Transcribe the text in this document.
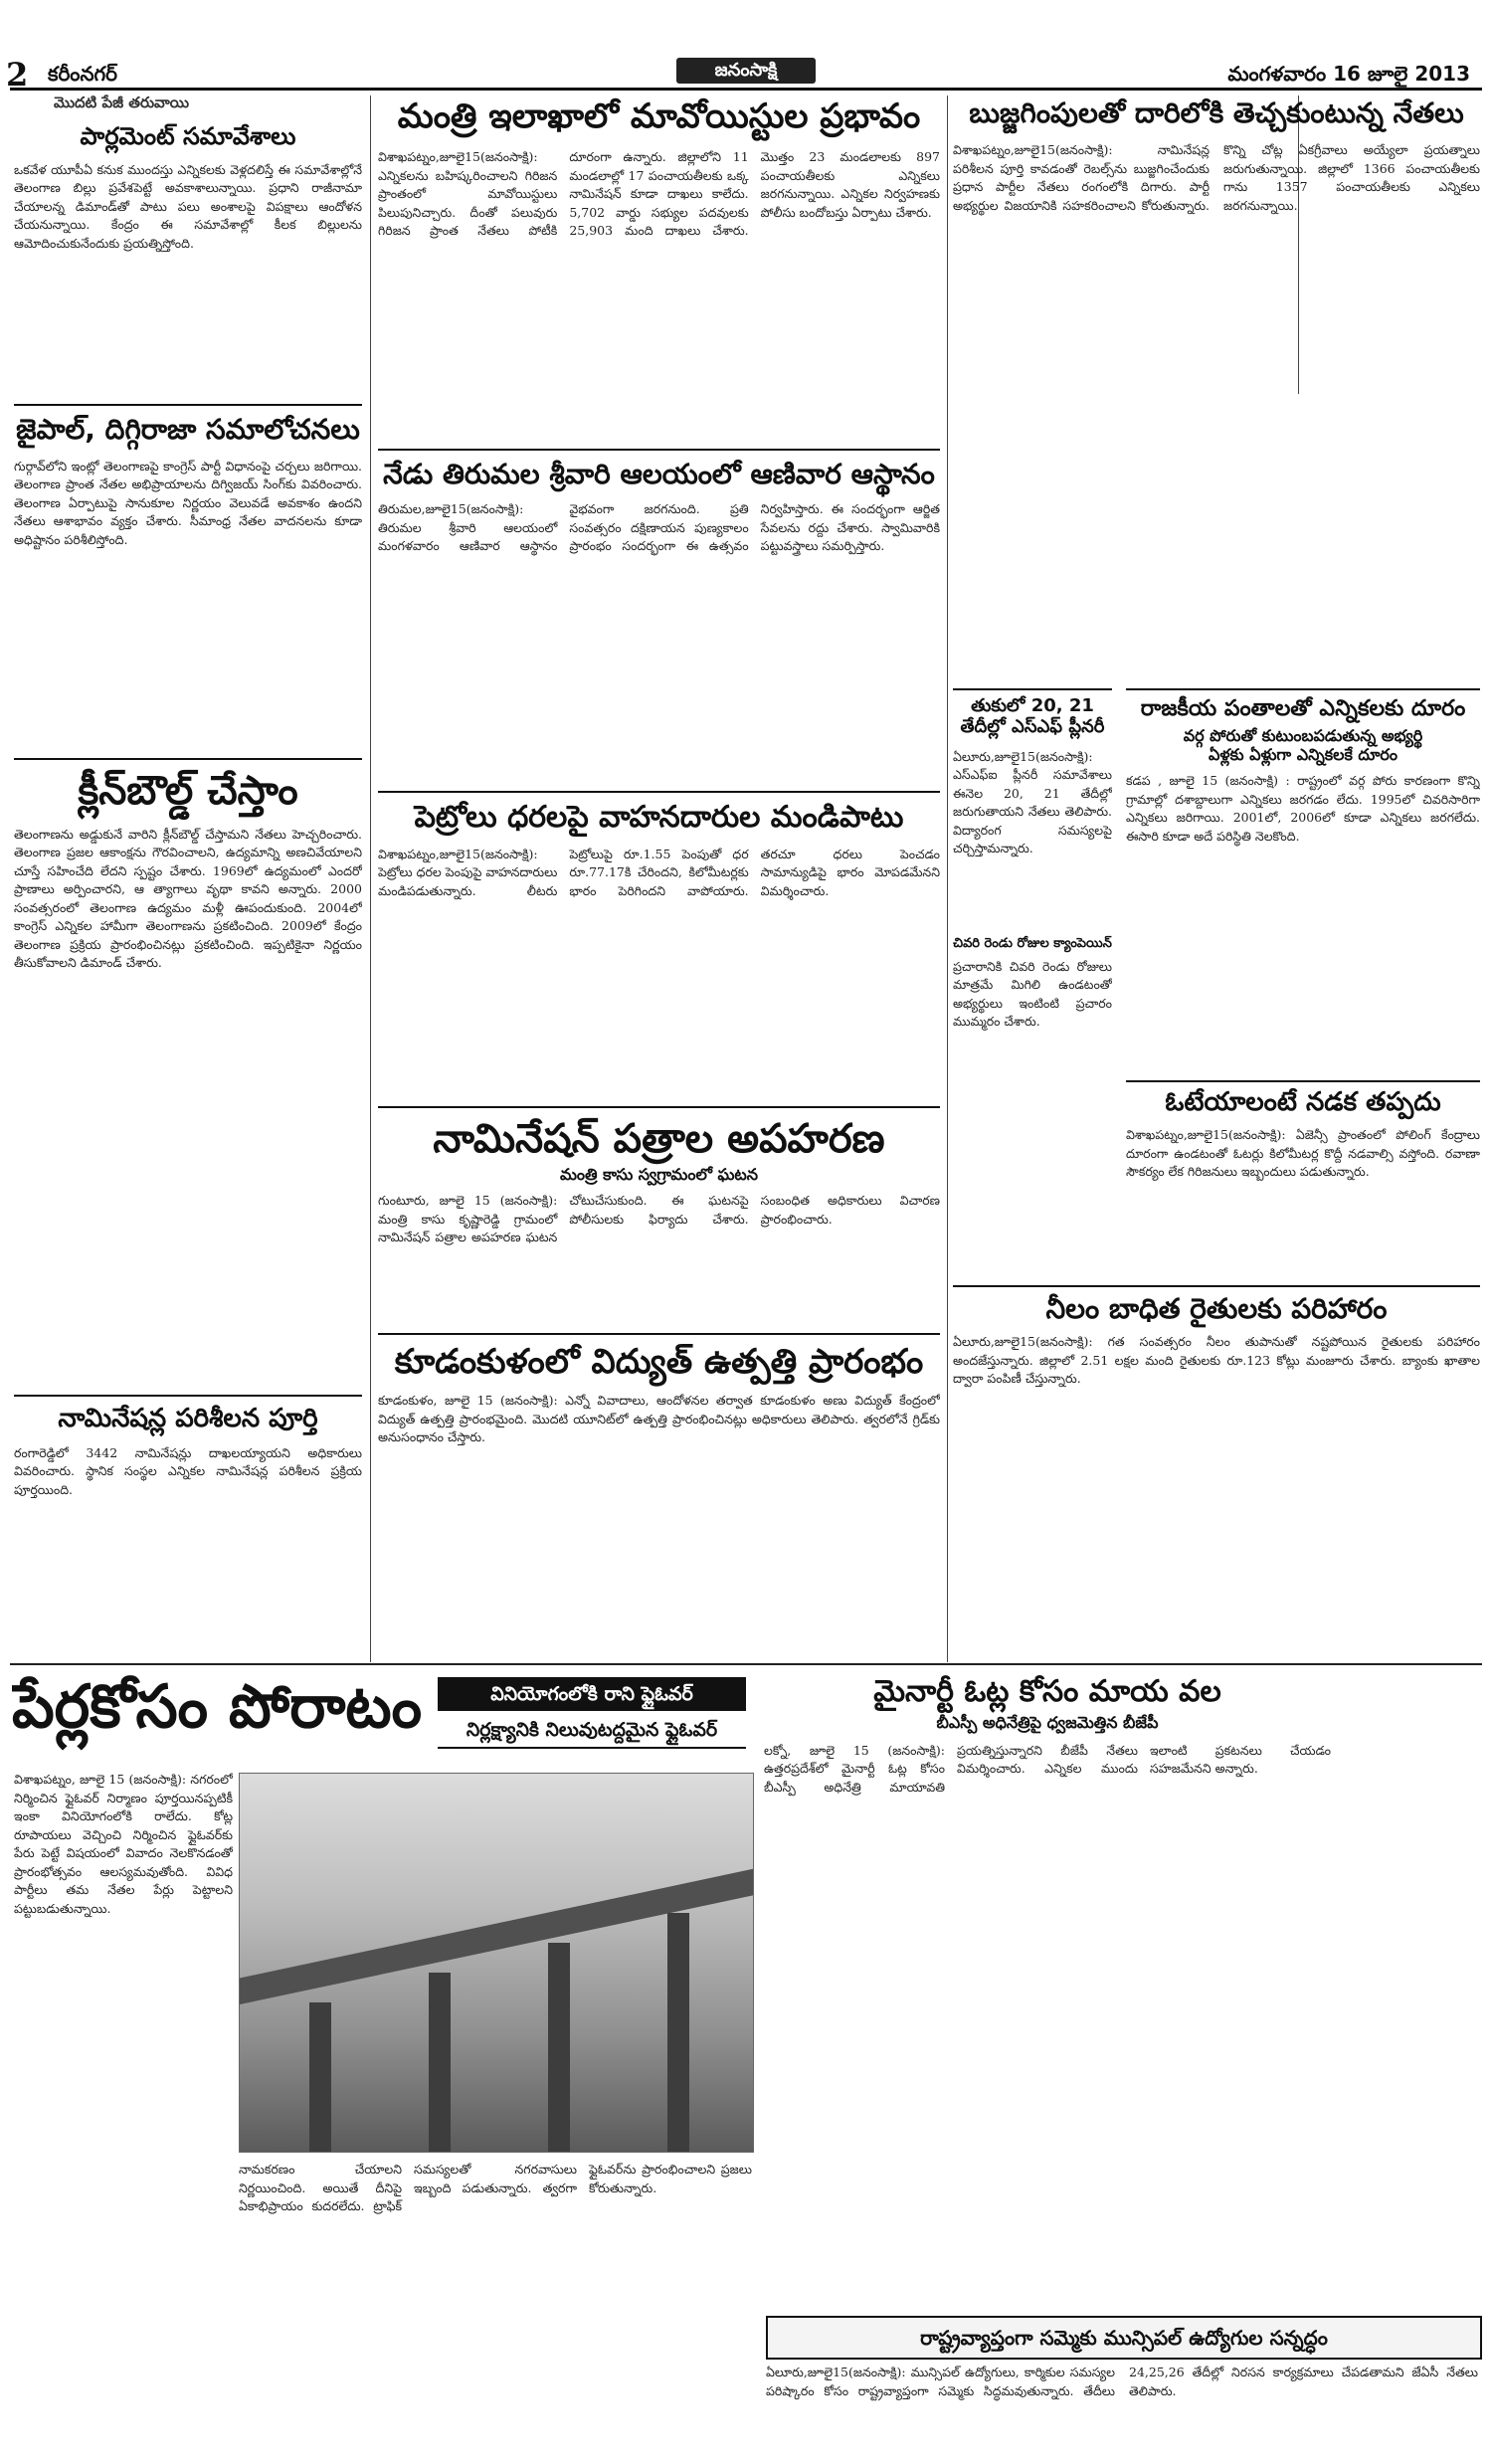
2 కరీంనగర్	జనంసాక్షి	మంగళవారం 16 జూలై 2013
మొదటి పేజీ తరువాయి
పార్లమెంట్ సమావేశాలు
ఒకవేళ యూపీఏ కనుక ముందస్తు ఎన్నికలకు వెళ్లదలిస్తే ఈ సమావేశాల్లోనే తెలంగాణ బిల్లు ప్రవేశపెట్టే అవకాశాలున్నాయి. ప్రధాని రాజీనామా చేయాలన్న డిమాండ్‌తో పాటు పలు అంశాలపై విపక్షాలు ఆందోళన చేయనున్నాయి. కేంద్రం ఈ సమావేశాల్లో కీలక బిల్లులను ఆమోదించుకునేందుకు ప్రయత్నిస్తోంది.
జైపాల్, దిగ్గిరాజా సమాలోచనలు
గుర్గావ్‌లోని ఇంట్లో తెలంగాణపై కాంగ్రెస్ పార్టీ విధానంపై చర్చలు జరిగాయి. తెలంగాణ ప్రాంత నేతల అభిప్రాయాలను దిగ్విజయ్ సింగ్‌కు వివరించారు. తెలంగాణ ఏర్పాటుపై సానుకూల నిర్ణయం వెలువడే అవకాశం ఉందని నేతలు ఆశాభావం వ్యక్తం చేశారు. సీమాంధ్ర నేతల వాదనలను కూడా అధిష్టానం పరిశీలిస్తోంది.
క్లీన్‌బౌల్డ్ చేస్తాం
తెలంగాణను అడ్డుకునే వారిని క్లీన్‌బౌల్డ్ చేస్తామని నేతలు హెచ్చరించారు. తెలంగాణ ప్రజల ఆకాంక్షను గౌరవించాలని, ఉద్యమాన్ని అణచివేయాలని చూస్తే సహించేది లేదని స్పష్టం చేశారు. 1969లో ఉద్యమంలో ఎందరో ప్రాణాలు అర్పించారని, ఆ త్యాగాలు వృథా కావని అన్నారు. 2000 సంవత్సరంలో తెలంగాణ ఉద్యమం మళ్లీ ఊపందుకుంది. 2004లో కాంగ్రెస్ ఎన్నికల హామీగా తెలంగాణను ప్రకటించింది. 2009లో కేంద్రం తెలంగాణ ప్రక్రియ ప్రారంభించినట్లు ప్రకటించింది. ఇప్పటికైనా నిర్ణయం తీసుకోవాలని డిమాండ్ చేశారు.
నామినేషన్ల పరిశీలన పూర్తి
రంగారెడ్డిలో 3442 నామినేషన్లు దాఖలయ్యాయని అధికారులు వివరించారు. స్థానిక సంస్థల ఎన్నికల నామినేషన్ల పరిశీలన ప్రక్రియ పూర్తయింది.
మంత్రి ఇలాఖాలో మావోయిస్టుల ప్రభావం
విశాఖపట్నం,జూలై15(జనంసాక్షి): ఎన్నికలను బహిష్కరించాలని గిరిజన ప్రాంతంలో మావోయిస్టులు పిలుపునిచ్చారు. దీంతో పలువురు గిరిజన ప్రాంత నేతలు పోటీకి దూరంగా ఉన్నారు. జిల్లాలోని 11 మండలాల్లో 17 పంచాయతీలకు ఒక్క నామినేషన్ కూడా దాఖలు కాలేదు. 5,702 వార్డు సభ్యుల పదవులకు 25,903 మంది దాఖలు చేశారు. మొత్తం 23 మండలాలకు 897 పంచాయతీలకు ఎన్నికలు జరగనున్నాయి. ఎన్నికల నిర్వహణకు పోలీసు బందోబస్తు ఏర్పాటు చేశారు.
నేడు తిరుమల శ్రీవారి ఆలయంలో ఆణివార ఆస్థానం
తిరుమల,జూలై15(జనంసాక్షి): తిరుమల శ్రీవారి ఆలయంలో మంగళవారం ఆణివార ఆస్థానం వైభవంగా జరగనుంది. ప్రతి సంవత్సరం దక్షిణాయన పుణ్యకాలం ప్రారంభం సందర్భంగా ఈ ఉత్సవం నిర్వహిస్తారు. ఈ సందర్భంగా ఆర్జిత సేవలను రద్దు చేశారు. స్వామివారికి పట్టువస్త్రాలు సమర్పిస్తారు.
పెట్రోలు ధరలపై వాహనదారుల మండిపాటు
విశాఖపట్నం,జూలై15(జనంసాక్షి): పెట్రోలు ధరల పెంపుపై వాహనదారులు మండిపడుతున్నారు. లీటరు పెట్రోలుపై రూ.1.55 పెంపుతో ధర రూ.77.17కి చేరిందని, కిలోమీటర్లకు భారం పెరిగిందని వాపోయారు. తరచూ ధరలు పెంచడం సామాన్యుడిపై భారం మోపడమేనని విమర్శించారు.
నామినేషన్ పత్రాల అపహరణ
మంత్రి కాసు స్వగ్రామంలో ఘటన
గుంటూరు, జూలై 15 (జనంసాక్షి): మంత్రి కాసు కృష్ణారెడ్డి గ్రామంలో నామినేషన్ పత్రాల అపహరణ ఘటన చోటుచేసుకుంది. ఈ ఘటనపై పోలీసులకు ఫిర్యాదు చేశారు. సంబంధిత అధికారులు విచారణ ప్రారంభించారు.
కూడంకుళంలో విద్యుత్ ఉత్పత్తి ప్రారంభం
కూడంకుళం, జూలై 15 (జనంసాక్షి): ఎన్నో వివాదాలు, ఆందోళనల తర్వాత కూడంకుళం అణు విద్యుత్ కేంద్రంలో విద్యుత్ ఉత్పత్తి ప్రారంభమైంది. మొదటి యూనిట్‌లో ఉత్పత్తి ప్రారంభించినట్లు అధికారులు తెలిపారు. త్వరలోనే గ్రిడ్‌కు అనుసంధానం చేస్తారు.
బుజ్జగింపులతో దారిలోకి తెచ్చకుంటున్న నేతలు
విశాఖపట్నం,జూలై15(జనంసాక్షి): నామినేషన్ల పరిశీలన పూర్తి కావడంతో రెబల్స్‌ను బుజ్జగించేందుకు ప్రధాన పార్టీల నేతలు రంగంలోకి దిగారు. పార్టీ అభ్యర్థుల విజయానికి సహకరించాలని కోరుతున్నారు. కొన్ని చోట్ల ఏకగ్రీవాలు అయ్యేలా ప్రయత్నాలు జరుగుతున్నాయి. జిల్లాలో 1366 పంచాయతీలకు గాను 1357 పంచాయతీలకు ఎన్నికలు జరగనున్నాయి.
తుకులో 20, 21 తేదీల్లో ఎస్ఎఫ్ ప్లీనరీ
ఏలూరు,జూలై15(జనంసాక్షి): ఎస్ఎఫ్ఐ ప్లీనరీ సమావేశాలు ఈనెల 20, 21 తేదీల్లో జరుగుతాయని నేతలు తెలిపారు. విద్యారంగ సమస్యలపై చర్చిస్తామన్నారు.
చివరి రెండు రోజుల క్యాంపెయిన్
ప్రచారానికి చివరి రెండు రోజులు మాత్రమే మిగిలి ఉండటంతో అభ్యర్థులు ఇంటింటి ప్రచారం ముమ్మరం చేశారు.
రాజకీయ పంతాలతో ఎన్నికలకు దూరం
వర్గ పోరుతో కుటుంబపడుతున్న అభ్యర్థి
ఏళ్లకు ఏళ్లుగా ఎన్నికలకే దూరం
కడప , జూలై 15 (జనంసాక్షి) : రాష్ట్రంలో వర్గ పోరు కారణంగా కొన్ని గ్రామాల్లో దశాబ్దాలుగా ఎన్నికలు జరగడం లేదు. 1995లో చివరిసారిగా ఎన్నికలు జరిగాయి. 2001లో, 2006లో కూడా ఎన్నికలు జరగలేదు. ఈసారి కూడా అదే పరిస్థితి నెలకొంది.
ఓటేయాలంటే నడక తప్పదు
విశాఖపట్నం,జూలై15(జనంసాక్షి): ఏజెన్సీ ప్రాంతంలో పోలింగ్ కేంద్రాలు దూరంగా ఉండటంతో ఓటర్లు కిలోమీటర్ల కొద్దీ నడవాల్సి వస్తోంది. రవాణా సౌకర్యం లేక గిరిజనులు ఇబ్బందులు పడుతున్నారు.
నీలం బాధిత రైతులకు పరిహారం
ఏలూరు,జూలై15(జనంసాక్షి): గత సంవత్సరం నీలం తుపానుతో నష్టపోయిన రైతులకు పరిహారం అందజేస్తున్నారు. జిల్లాలో 2.51 లక్షల మంది రైతులకు రూ.123 కోట్లు మంజూరు చేశారు. బ్యాంకు ఖాతాల ద్వారా పంపిణీ చేస్తున్నారు.
పేర్లకోసం పోరాటం	వినియోగంలోకి రాని ఫ్లైఓవర్
నిర్లక్ష్యానికి నిలువుటద్దమైన ఫ్లైఓవర్
విశాఖపట్నం, జూలై 15 (జనంసాక్షి): నగరంలో నిర్మించిన ఫ్లైఓవర్ నిర్మాణం పూర్తయినప్పటికీ ఇంకా వినియోగంలోకి రాలేదు. కోట్ల రూపాయలు వెచ్చించి నిర్మించిన ఫ్లైఓవర్‌కు పేరు పెట్టే విషయంలో వివాదం నెలకొనడంతో ప్రారంభోత్సవం ఆలస్యమవుతోంది. వివిధ పార్టీలు తమ నేతల పేర్లు పెట్టాలని పట్టుబడుతున్నాయి.
నామకరణం చేయాలని నిర్ణయించింది. అయితే దీనిపై ఏకాభిప్రాయం కుదరలేదు. ట్రాఫిక్ సమస్యలతో నగరవాసులు ఇబ్బంది పడుతున్నారు. త్వరగా ఫ్లైఓవర్‌ను ప్రారంభించాలని ప్రజలు కోరుతున్నారు.
మైనార్టీ ఓట్ల కోసం మాయ వల
బీఎస్పీ అధినేత్రిపై ధ్వజమెత్తిన బీజేపీ
లక్నో, జూలై 15 (జనంసాక్షి): ఉత్తరప్రదేశ్‌లో మైనార్టీ ఓట్ల కోసం బీఎస్పీ అధినేత్రి మాయావతి ప్రయత్నిస్తున్నారని బీజేపీ నేతలు విమర్శించారు. ఎన్నికల ముందు ఇలాంటి ప్రకటనలు చేయడం సహజమేనని అన్నారు.
రాష్ట్రవ్యాప్తంగా సమ్మెకు మున్సిపల్ ఉద్యోగుల సన్నద్ధం
ఏలూరు,జూలై15(జనంసాక్షి): మున్సిపల్ ఉద్యోగులు, కార్మికుల సమస్యల పరిష్కారం కోసం రాష్ట్రవ్యాప్తంగా సమ్మెకు సిద్ధమవుతున్నారు. తేదీలు 24,25,26 తేదీల్లో నిరసన కార్యక్రమాలు చేపడతామని జేఏసీ నేతలు తెలిపారు.
